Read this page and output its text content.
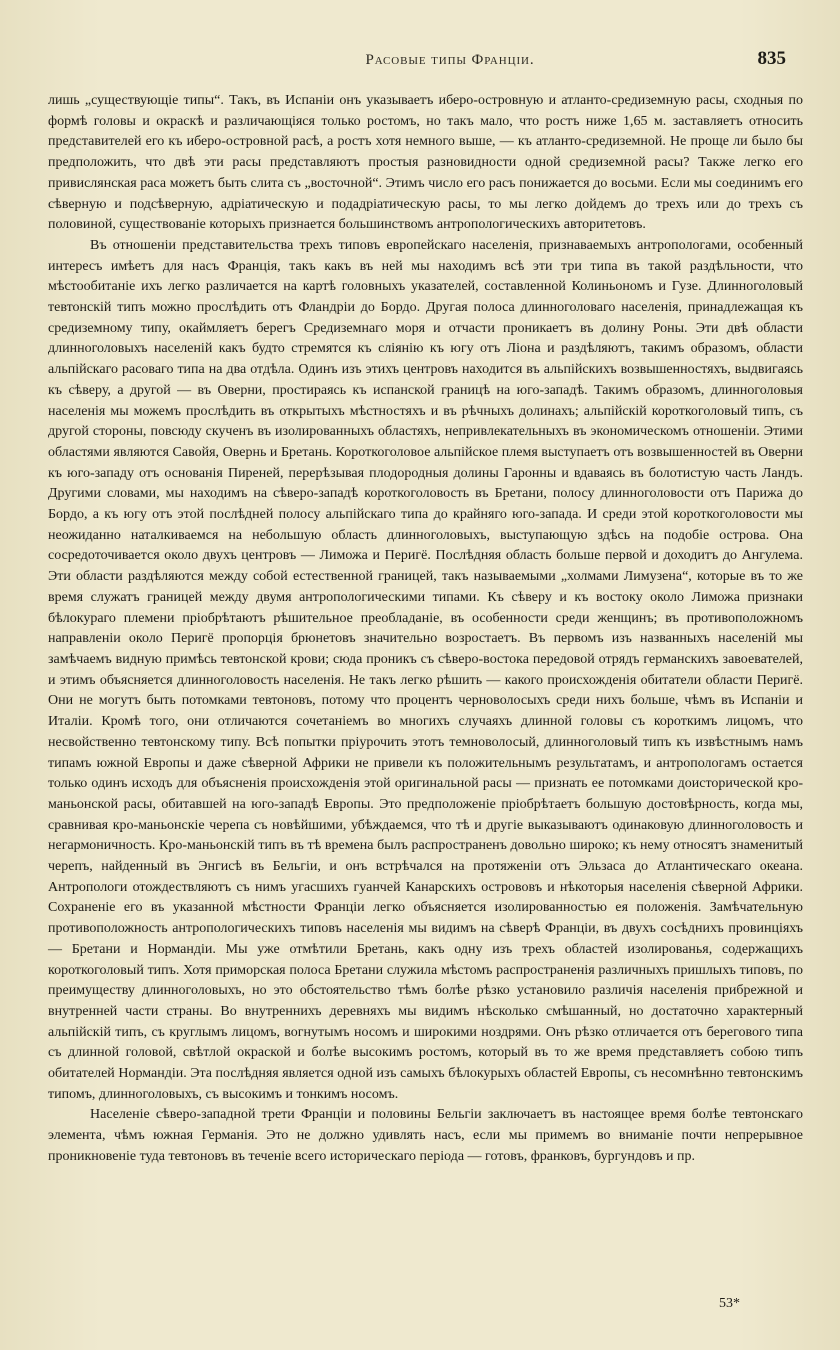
Расовые типы Франціи.	835

лишь „существующіе типы“. Такъ, въ Испаніи онъ указываетъ иберо-островную и атланто-средиземную расы, сходныя по формѣ головы и окраскѣ и различающіяся только ростомъ, но такъ мало, что ростъ ниже 1,65 м. заставляетъ относить представителей его къ иберо-островной расѣ, а ростъ хотя немного выше, — къ атланто-средиземной. Не проще ли было бы предположить, что двѣ эти расы представляютъ простыя разновидности одной средиземной расы? Также легко его привислянская раса можетъ быть слита съ „восточной“. Этимъ число его расъ понижается до восьми. Если мы соединимъ его сѣверную и подсѣверную, адріатическую и подадріатическую расы, то мы легко дойдемъ до трехъ или до трехъ съ половиной, существованіе которыхъ признается большинствомъ антропологическихъ авторитетовъ.

Въ отношеніи представительства трехъ типовъ европейскаго населенія, признаваемыхъ антропологами, особенный интересъ имѣетъ для насъ Франція, такъ какъ въ ней мы находимъ всѣ эти три типа въ такой раздѣльности, что мѣстообитаніе ихъ легко различается на картѣ головныхъ указателей, составленной Колиньономъ и Гузе. Длинноголовый тевтонскій типъ можно прослѣдить отъ Фландріи до Бордо. Другая полоса длинноголоваго населенія, принадлежащая къ средиземному типу, окаймляетъ берегъ Средиземнаго моря и отчасти проникаетъ въ долину Роны. Эти двѣ области длинноголовыхъ населеній какъ будто стремятся къ сліянію къ югу отъ Ліона и раздѣляютъ, такимъ образомъ, области альпійскаго расоваго типа на два отдѣла. Одинъ изъ этихъ центровъ находится въ альпійскихъ возвышенностяхъ, выдвигаясь къ сѣверу, а другой — въ Оверни, простираясь къ испанской границѣ на юго-западѣ. Такимъ образомъ, длинноголовыя населенія мы можемъ прослѣдить въ открытыхъ мѣстностяхъ и въ рѣчныхъ долинахъ; альпійскій короткоголовый типъ, съ другой стороны, повсюду скученъ въ изолированныхъ областяхъ, непривлекательныхъ въ экономическомъ отношеніи. Этими областями являются Савойя, Овернь и Бретань. Короткоголовое альпійское племя выступаетъ отъ возвышенностей въ Оверни къ юго-западу отъ основанія Пиреней, перерѣзывая плодородныя долины Гаронны и вдаваясь въ болотистую часть Ландъ. Другими словами, мы находимъ на сѣверо-западѣ короткоголовость въ Бретани, полосу длинноголовости отъ Парижа до Бордо, а къ югу отъ этой послѣдней полосу альпійскаго типа до крайняго юго-запада. И среди этой короткоголовости мы неожиданно наталкиваемся на небольшую область длинноголовыхъ, выступающую здѣсь на подобіе острова. Она сосредоточивается около двухъ центровъ — Лиможа и Перигё. Послѣдняя область больше первой и доходитъ до Ангулема. Эти области раздѣляются между собой естественной границей, такъ называемыми „холмами Лимузена“, которые въ то же время служатъ границей между двумя антропологическими типами. Къ сѣверу и къ востоку около Лиможа признаки бѣлокураго племени пріобрѣтаютъ рѣшительное преобладаніе, въ особенности среди женщинъ; въ противоположномъ направленіи около Перигё пропорція брюнетовъ значительно возростаетъ. Въ первомъ изъ названныхъ населеній мы замѣчаемъ видную примѣсь тевтонской крови; сюда проникъ съ сѣверо-востока передовой отрядъ германскихъ завоевателей, и этимъ объясняется длинноголовость населенія. Не такъ легко рѣшить — какого происхожденія обитатели области Перигё. Они не могутъ быть потомками тевтоновъ, потому что процентъ черноволосыхъ среди нихъ больше, чѣмъ въ Испаніи и Италіи. Кромѣ того, они отличаются сочетаніемъ во многихъ случаяхъ длинной головы съ короткимъ лицомъ, что несвойственно тевтонскому типу. Всѣ попытки пріурочить этотъ темноволосый, длинноголовый типъ къ извѣстнымъ намъ типамъ южной Европы и даже сѣверной Африки не привели къ положительнымъ результатамъ, и антропологамъ остается только одинъ исходъ для объясненія происхожденія этой оригинальной расы — признать ее потомками доисторической кро-маньонской расы, обитавшей на юго-западѣ Европы. Это предположеніе пріобрѣтаетъ большую достовѣрность, когда мы, сравнивая кро-маньонскіе черепа съ новѣйшими, убѣждаемся, что тѣ и другіе выказываютъ одинаковую длинноголовость и негармоничность. Кро-маньонскій типъ въ тѣ времена былъ распространенъ довольно широко; къ нему относятъ знаменитый черепъ, найденный въ Энгисѣ въ Бельгіи, и онъ встрѣчался на протяженіи отъ Эльзаса до Атлантическаго океана. Антропологи отождествляютъ съ нимъ угасшихъ гуанчей Канарскихъ острововъ и нѣкоторыя населенія сѣверной Африки. Сохраненіе его въ указанной мѣстности Франціи легко объясняется изолированностью ея положенія. Замѣчательную противоположность антропологическихъ типовъ населенія мы видимъ на сѣверѣ Франціи, въ двухъ сосѣднихъ провинціяхъ — Бретани и Нормандіи. Мы уже отмѣтили Бретань, какъ одну изъ трехъ областей изолированья, содержащихъ короткоголовый типъ. Хотя приморская полоса Бретани служила мѣстомъ распространенія различныхъ пришлыхъ типовъ, по преимуществу длинноголовыхъ, но это обстоятельство тѣмъ болѣе рѣзко установило различія населенія прибрежной и внутренней части страны. Во внутреннихъ деревняхъ мы видимъ нѣсколько смѣшанный, но достаточно характерный альпійскій типъ, съ круглымъ лицомъ, вогнутымъ носомъ и широкими ноздрями. Онъ рѣзко отличается отъ берегового типа съ длинной головой, свѣтлой окраской и болѣе высокимъ ростомъ, который въ то же время представляетъ собою типъ обитателей Нормандіи. Эта послѣдняя является одной изъ самыхъ бѣлокурыхъ областей Европы, съ несомнѣнно тевтонскимъ типомъ, длинноголовыхъ, съ высокимъ и тонкимъ носомъ.

Населеніе сѣверо-западной трети Франціи и половины Бельгіи заключаетъ въ настоящее время болѣе тевтонскаго элемента, чѣмъ южная Германія. Это не должно удивлять насъ, если мы примемъ во вниманіе почти непрерывное проникновеніе туда тевтоновъ въ теченіе всего историческаго періода — готовъ, франковъ, бургундовъ и пр.

53*
